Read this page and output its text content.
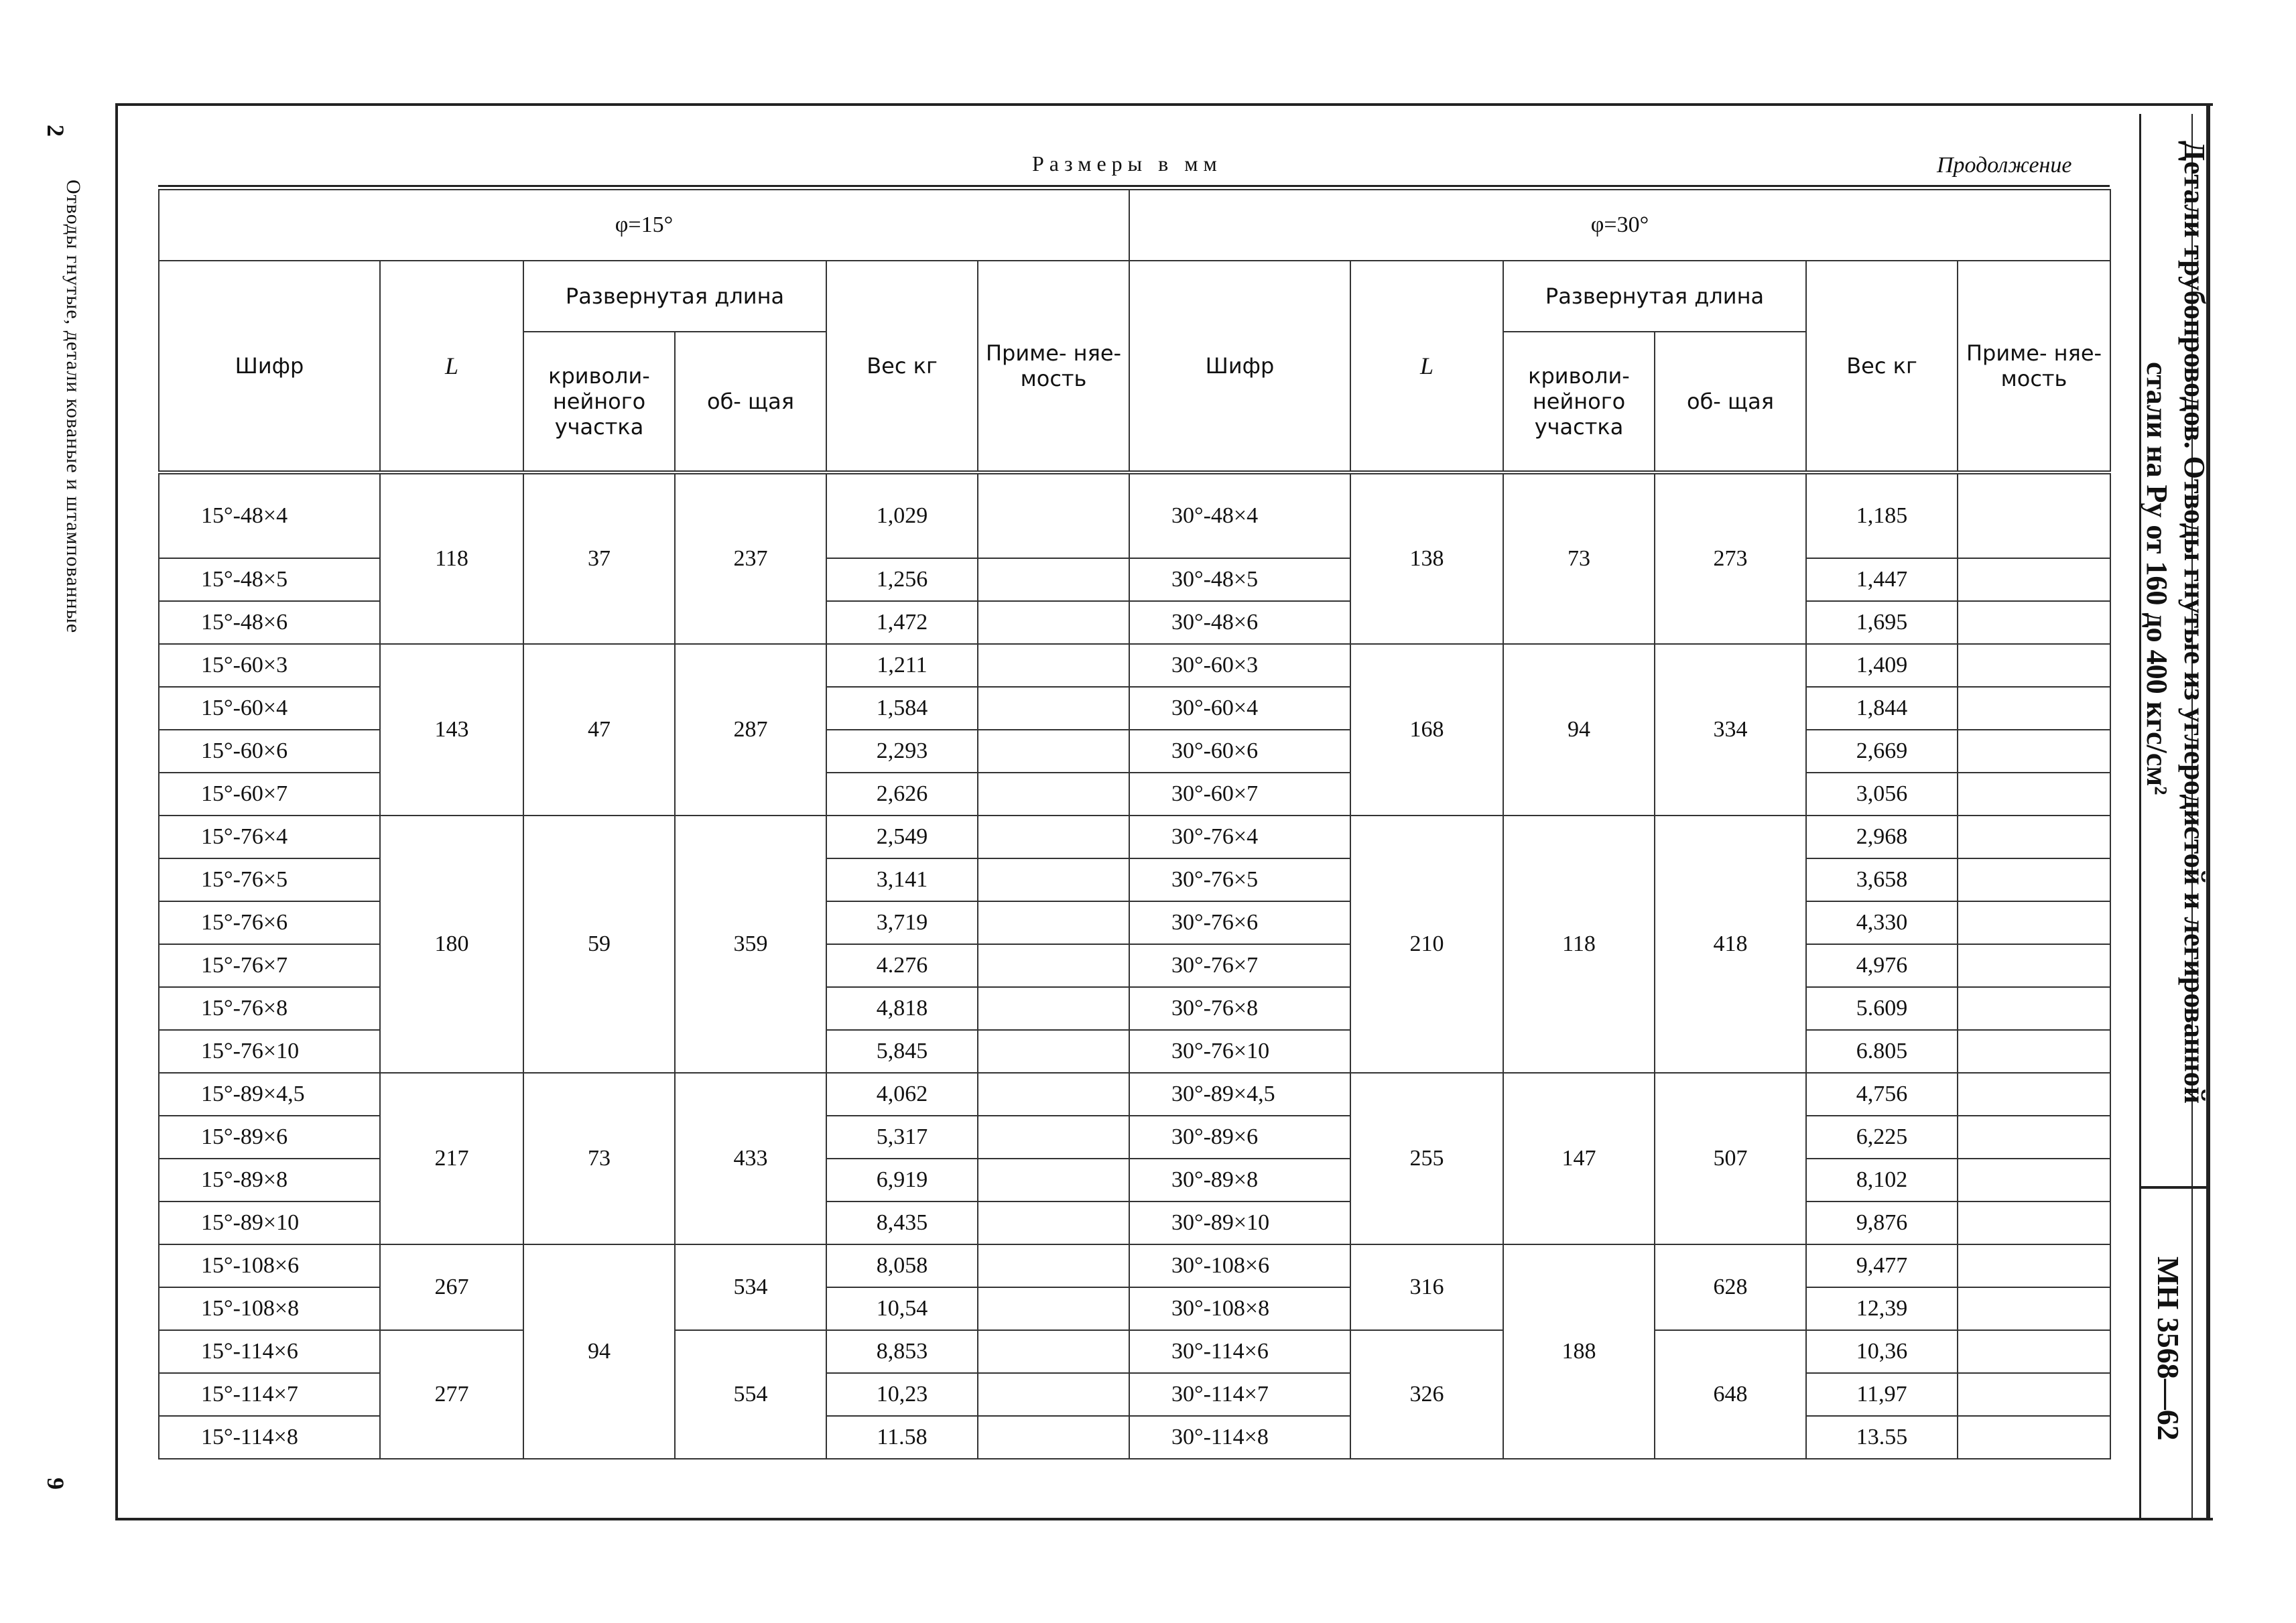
2
Отводы гнутые, детали кованые и штампованные
9
Детали трубопроводов. Отводы гнутые из углеродистой и легированной
стали на Pу от 160 до 400 кгс/см²
МН 3568—62
Размеры в мм	Продолжение
φ=15°						φ=30°					
Шифр	L	Развернутая длина		Вес кг	Приме- няе- мость	Шифр	L	Развернутая длина		Вес кг	Приме- няе- мость
		криволи- нейного участка	об- щая					криволи- нейного участка	об- щая		
15°-48×4	118	37	237	1,029		30°-48×4	138	73	273	1,185	
15°-48×5				1,256		30°-48×5				1,447	
15°-48×6				1,472		30°-48×6				1,695	
15°-60×3	143	47	287	1,211		30°-60×3	168	94	334	1,409	
15°-60×4				1,584		30°-60×4				1,844	
15°-60×6				2,293		30°-60×6				2,669	
15°-60×7				2,626		30°-60×7				3,056	
15°-76×4	180	59	359	2,549		30°-76×4	210	118	418	2,968	
15°-76×5				3,141		30°-76×5				3,658	
15°-76×6				3,719		30°-76×6				4,330	
15°-76×7				4.276		30°-76×7				4,976	
15°-76×8				4,818		30°-76×8				5.609	
15°-76×10				5,845		30°-76×10				6.805	
15°-89×4,5	217	73	433	4,062		30°-89×4,5	255	147	507	4,756	
15°-89×6				5,317		30°-89×6				6,225	
15°-89×8				6,919		30°-89×8				8,102	
15°-89×10				8,435		30°-89×10				9,876	
15°-108×6	267	94	534	8,058		30°-108×6	316	188	628	9,477	
15°-108×8				10,54		30°-108×8				12,39	
15°-114×6	277		554	8,853		30°-114×6	326		648	10,36	
15°-114×7				10,23		30°-114×7				11,97	
15°-114×8				11.58		30°-114×8				13.55	
